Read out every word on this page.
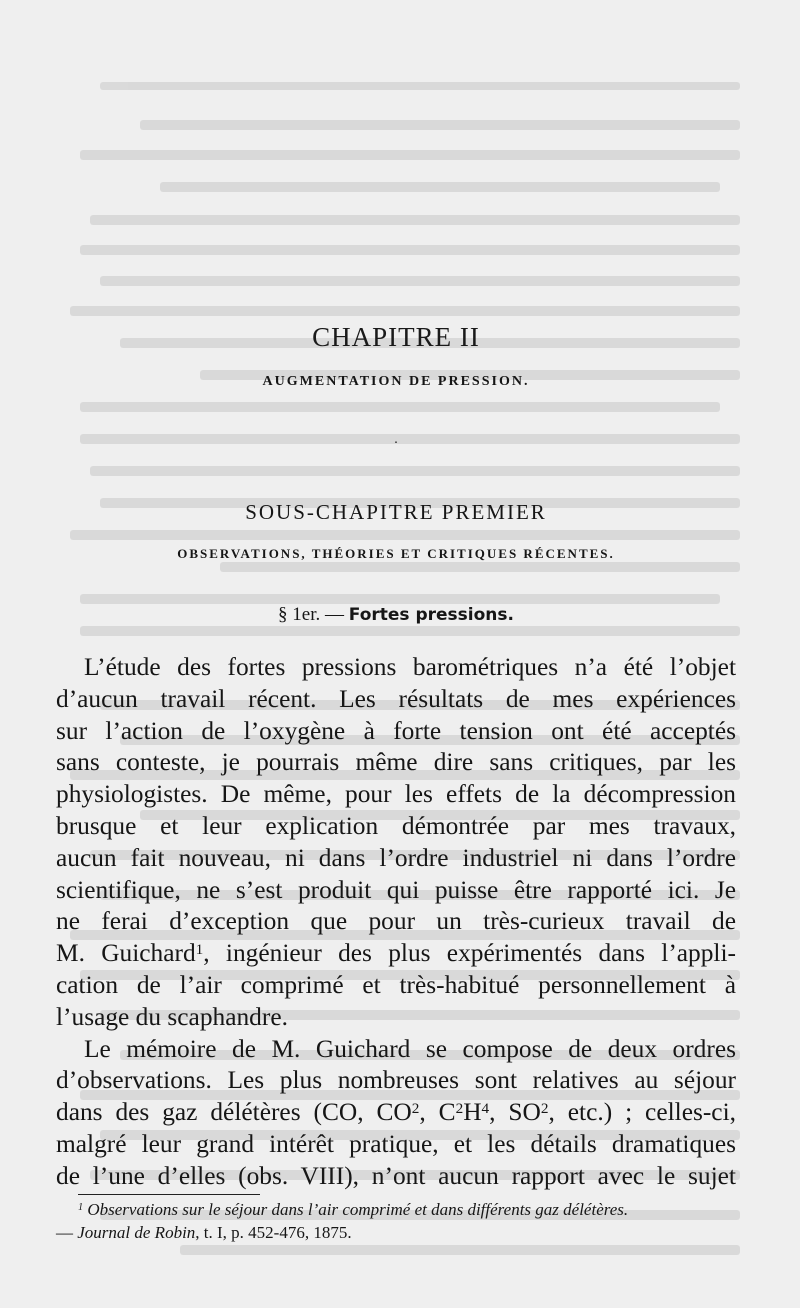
CHAPITRE II
AUGMENTATION DE PRESSION.
.
SOUS-CHAPITRE PREMIER
OBSERVATIONS, THÉORIES ET CRITIQUES RÉCENTES.
§ 1er. — Fortes pressions.
L’étude des fortes pressions barométriques n’a été l’objet
d’aucun travail récent. Les résultats de mes expériences
sur l’action de l’oxygène à forte tension ont été acceptés
sans conteste, je pourrais même dire sans critiques, par les
physiologistes. De même, pour les effets de la décompression
brusque et leur explication démontrée par mes travaux,
aucun fait nouveau, ni dans l’ordre industriel ni dans l’ordre
scientifique, ne s’est produit qui puisse être rapporté ici. Je
ne ferai d’exception que pour un très-curieux travail de
M. Guichard$^1$, ingénieur des plus expérimentés dans l’appli-
cation de l’air comprimé et très-habitué personnellement à
l’usage du scaphandre.
Le mémoire de M. Guichard se compose de deux ordres
d’observations. Les plus nombreuses sont relatives au séjour
dans des gaz délétères (CO, $CO^2$, $C^2H^4$, $SO^2$, etc.) ; celles-ci,
malgré leur grand intérêt pratique, et les détails dramatiques
de l’une d’elles (obs. VIII), n’ont aucun rapport avec le sujet
$^1$ Observations sur le séjour dans l’air comprimé et dans différents gaz délétères.
— Journal de Robin, t. I, p. 452-476, 1875.
